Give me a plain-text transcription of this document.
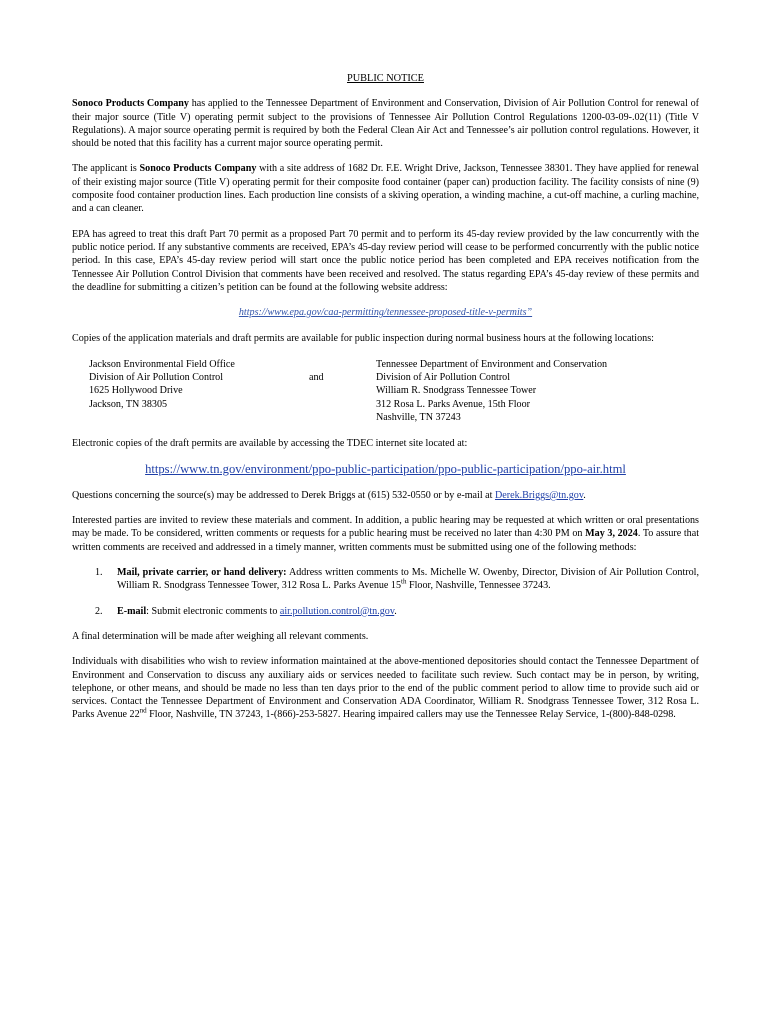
PUBLIC NOTICE

Sonoco Products Company has applied to the Tennessee Department of Environment and Conservation, Division of Air Pollution Control for renewal of their major source (Title V) operating permit subject to the provisions of Tennessee Air Pollution Control Regulations 1200-03-09-.02(11) (Title V Regulations). A major source operating permit is required by both the Federal Clean Air Act and Tennessee’s air pollution control regulations. However, it should be noted that this facility has a current major source operating permit.

The applicant is Sonoco Products Company with a site address of 1682 Dr. F.E. Wright Drive, Jackson, Tennessee 38301. They have applied for renewal of their existing major source (Title V) operating permit for their composite food container (paper can) production facility. The facility consists of nine (9) composite food container production lines. Each production line consists of a skiving operation, a winding machine, a cut-off machine, a curling machine, and a can cleaner.

EPA has agreed to treat this draft Part 70 permit as a proposed Part 70 permit and to perform its 45-day review provided by the law concurrently with the public notice period. If any substantive comments are received, EPA’s 45-day review period will cease to be performed concurrently with the public notice period. In this case, EPA’s 45-day review period will start once the public notice period has been completed and EPA receives notification from the Tennessee Air Pollution Control Division that comments have been received and resolved. The status regarding EPA’s 45-day review of these permits and the deadline for submitting a citizen’s petition can be found at the following website address:

https://www.epa.gov/caa-permitting/tennessee-proposed-title-v-permits”

Copies of the application materials and draft permits are available for public inspection during normal business hours at the following locations:

Jackson Environmental Field Office
Division of Air Pollution Control
1625 Hollywood Drive
Jackson, TN 38305
and
Tennessee Department of Environment and Conservation
Division of Air Pollution Control
William R. Snodgrass Tennessee Tower
312 Rosa L. Parks Avenue, 15th Floor
Nashville, TN 37243

Electronic copies of the draft permits are available by accessing the TDEC internet site located at:

https://www.tn.gov/environment/ppo-public-participation/ppo-public-participation/ppo-air.html

Questions concerning the source(s) may be addressed to Derek Briggs at (615) 532-0550 or by e-mail at Derek.Briggs@tn.gov.

Interested parties are invited to review these materials and comment. In addition, a public hearing may be requested at which written or oral presentations may be made. To be considered, written comments or requests for a public hearing must be received no later than 4:30 PM on May 3, 2024. To assure that written comments are received and addressed in a timely manner, written comments must be submitted using one of the following methods:

1.	Mail, private carrier, or hand delivery: Address written comments to Ms. Michelle W. Owenby, Director, Division of Air Pollution Control, William R. Snodgrass Tennessee Tower, 312 Rosa L. Parks Avenue 15th Floor, Nashville, Tennessee 37243.
2.	E-mail: Submit electronic comments to air.pollution.control@tn.gov.

A final determination will be made after weighing all relevant comments.

Individuals with disabilities who wish to review information maintained at the above-mentioned depositories should contact the Tennessee Department of Environment and Conservation to discuss any auxiliary aids or services needed to facilitate such review. Such contact may be in person, by writing, telephone, or other means, and should be made no less than ten days prior to the end of the public comment period to allow time to provide such aid or services. Contact the Tennessee Department of Environment and Conservation ADA Coordinator, William R. Snodgrass Tennessee Tower, 312 Rosa L. Parks Avenue 22nd Floor, Nashville, TN 37243, 1-(866)-253-5827. Hearing impaired callers may use the Tennessee Relay Service, 1-(800)-848-0298.
